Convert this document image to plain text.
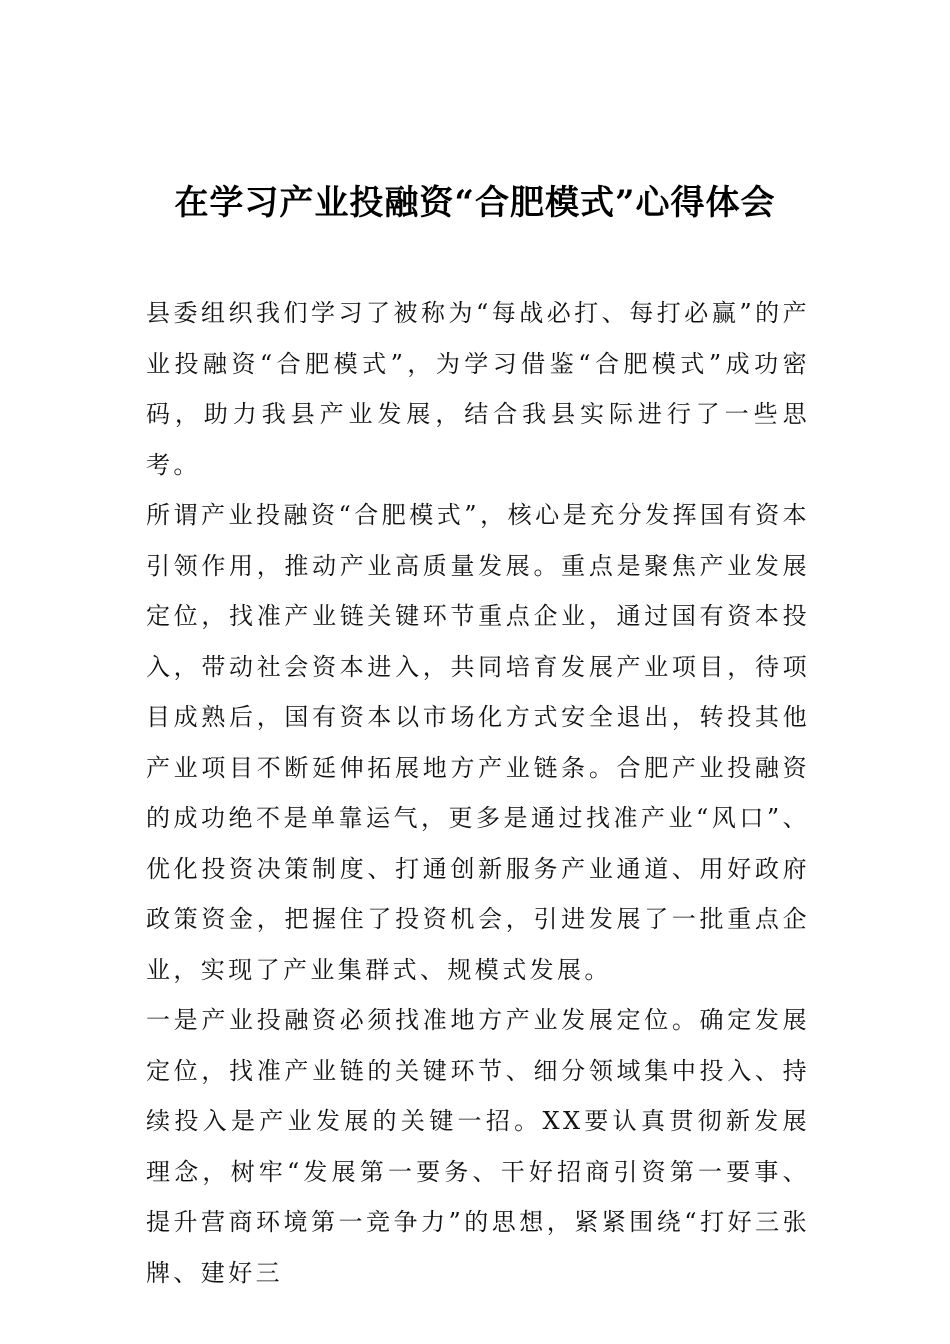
在学习产业投融资“合肥模式”心得体会

县委组织我们学习了被称为“每战必打、每打必赢”的产业投融资“合肥模式”，为学习借鉴“合肥模式”成功密码，助力我县产业发展，结合我县实际进行了一些思考。

所谓产业投融资“合肥模式”，核心是充分发挥国有资本引领作用，推动产业高质量发展。重点是聚焦产业发展定位，找准产业链关键环节重点企业，通过国有资本投入，带动社会资本进入，共同培育发展产业项目，待项目成熟后，国有资本以市场化方式安全退出，转投其他产业项目不断延伸拓展地方产业链条。合肥产业投融资的成功绝不是单靠运气，更多是通过找准产业“风口”、优化投资决策制度、打通创新服务产业通道、用好政府政策资金，把握住了投资机会，引进发展了一批重点企业，实现了产业集群式、规模式发展。

一是产业投融资必须找准地方产业发展定位。确定发展定位，找准产业链的关键环节、细分领域集中投入、持续投入是产业发展的关键一招。XX要认真贯彻新发展理念，树牢“发展第一要务、干好招商引资第一要事、提升营商环境第一竞争力”的思想，紧紧围绕“打好三张牌、建好三
